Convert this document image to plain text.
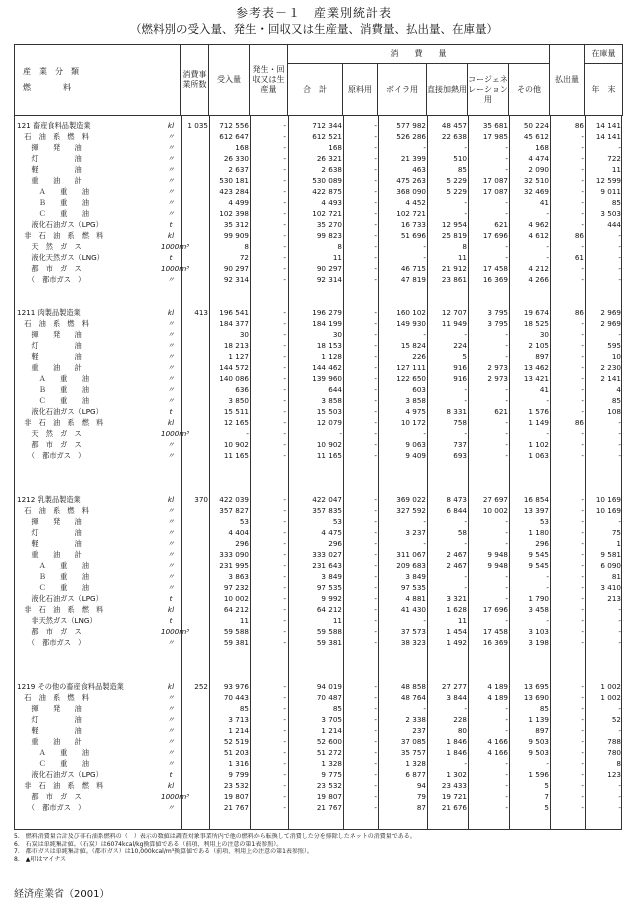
参考表－１　産業別統計表
（燃料別の受入量、発生・回収又は生産量、消費量、払出量、在庫量）
産　業　分　類
燃　　　　料	消費事業所数	受入量	発生・回収又は生産量	消　　費　　量						払出量	在庫量
				合　計	原料用	ボイラ用	直接加熱用	コージェネレーション用	その他		年　末
121 畜産食料品製造業	kl	1 035	712 556	-	712 344	-	577 982	48 457	35 681	50 224	86	14 141
　石　油　系　燃　料	〃	612 647	-	612 521	-	526 286	22 638	17 985	45 612	-	14 141
　　揮　　発　　油	〃	168	-	168	-	-	-	-	168	-	-
　　灯　　　　　油	〃	26 330	-	26 321	-	21 399	510	-	4 474	-	722
　　軽　　　　　油	〃	2 637	-	2 638	-	463	85	-	2 090	-	11
　　重　　油　　計	〃	530 181	-	530 089	-	475 263	5 229	17 087	32 510	-	12 599
　　　Ａ　　重　　油	〃	423 284	-	422 875	-	368 090	5 229	17 087	32 469	-	9 011
　　　Ｂ　　重　　油	〃	4 499	-	4 493	-	4 452	-	-	41	-	85
　　　Ｃ　　重　　油	〃	102 398	-	102 721	-	102 721	-	-	-	-	3 503
　　液化石油ガス（LPG）	t	35 312	-	35 270	-	16 733	12 954	621	4 962	-	444
　非　石　油　系　燃　料	kl	99 909	-	99 823	-	51 696	25 819	17 696	4 612	86	-
　　天　然　ガ　ス	1000m³	8	-	8	-	-	8	-	-	-	-
　　液化天然ガス（LNG）	t	72	-	11	-	-	11	-	-	61	-
　　都　市　ガ　ス	1000m³	90 297	-	90 297	-	46 715	21 912	17 458	4 212	-	-
　　（　都市ガス　）	〃	92 314	-	92 314	-	47 819	23 861	16 369	4 266	-	-
1211 肉製品製造業	kl	413	196 541	-	196 279	-	160 102	12 707	3 795	19 674	86	2 969
　石　油　系　燃　料	〃	184 377	-	184 199	-	149 930	11 949	3 795	18 525	-	2 969
　　揮　　発　　油	〃	30	-	30	-	-	-	-	30	-	-
　　灯　　　　　油	〃	18 213	-	18 153	-	15 824	224	-	2 105	-	595
　　軽　　　　　油	〃	1 127	-	1 128	-	226	5	-	897	-	10
　　重　　油　　計	〃	144 572	-	144 462	-	127 111	916	2 973	13 462	-	2 230
　　　Ａ　　重　　油	〃	140 086	-	139 960	-	122 650	916	2 973	13 421	-	2 141
　　　Ｂ　　重　　油	〃	636	-	644	-	603	-	-	41	-	4
　　　Ｃ　　重　　油	〃	3 850	-	3 858	-	3 858	-	-	-	-	85
　　液化石油ガス（LPG）	t	15 511	-	15 503	-	4 975	8 331	621	1 576	-	108
　非　石　油　系　燃　料	kl	12 165	-	12 079	-	10 172	758	-	1 149	86	-
　　天　然　ガ　ス	1000m³	-	-	-	-	-	-	-	-	-	-
　　都　市　ガ　ス	〃	10 902	-	10 902	-	9 063	737	-	1 102	-	-
　　（　都市ガス　）	〃	11 165	-	11 165	-	9 409	693	-	1 063	-	-
1212 乳製品製造業	kl	370	422 039	-	422 047	-	369 022	8 473	27 697	16 854	-	10 169
　石　油　系　燃　料	〃	357 827	-	357 835	-	327 592	6 844	10 002	13 397	-	10 169
　　揮　　発　　油	〃	53	-	53	-	-	-	-	53	-	-
　　灯　　　　　油	〃	4 404	-	4 475	-	3 237	58	-	1 180	-	75
　　軽　　　　　油	〃	296	-	296	-	-	-	-	296	-	1
　　重　　油　　計	〃	333 090	-	333 027	-	311 067	2 467	9 948	9 545	-	9 581
　　　Ａ　　重　　油	〃	231 995	-	231 643	-	209 683	2 467	9 948	9 545	-	6 090
　　　Ｂ　　重　　油	〃	3 863	-	3 849	-	3 849	-	-	-	-	81
　　　Ｃ　　重　　油	〃	97 232	-	97 535	-	97 535	-	-	-	-	3 410
　　液化石油ガス（LPG）	t	10 002	-	9 992	-	4 881	3 321	-	1 790	-	213
　非　石　油　系　燃　料	kl	64 212	-	64 212	-	41 430	1 628	17 696	3 458	-	-
　　非天然ガス（LNG）	t	11	-	11	-	-	11	-	-	-	-
　　都　市　ガ　ス	1000m³	59 588	-	59 588	-	37 573	1 454	17 458	3 103	-	-
　　（　都市ガス　）	〃	59 381	-	59 381	-	38 323	1 492	16 369	3 198	-	-
1219 その他の畜産食料品製造業	kl	252	93 976	-	94 019	-	48 858	27 277	4 189	13 695	-	1 002
　石　油　系　燃　料	〃	70 443	-	70 487	-	48 764	3 844	4 189	13 690	-	1 002
　　揮　　発　　油	〃	85	-	85	-	-	-	-	85	-	-
　　灯　　　　　油	〃	3 713	-	3 705	-	2 338	228	-	1 139	-	52
　　軽　　　　　油	〃	1 214	-	1 214	-	237	80	-	897	-	-
　　重　　油　　計	〃	52 519	-	52 600	-	37 085	1 846	4 166	9 503	-	788
　　　Ａ　　重　　油	〃	51 203	-	51 272	-	35 757	1 846	4 166	9 503	-	780
　　　Ｃ　　重　　油	〃	1 316	-	1 328	-	1 328	-	-	-	-	8
　　液化石油ガス（LPG）	t	9 799	-	9 775	-	6 877	1 302	-	1 596	-	123
　非　石　油　系　燃　料	kl	23 532	-	23 532	-	94	23 433	-	5	-	-
　　都　市　ガ　ス	1000m³	19 807	-	19 807	-	79	19 721	-	7	-	-
　　（　都市ガス　）	〃	21 767	-	21 767	-	87	21 676	-	5	-	-
5.　燃料消費量合計及び非石油系燃料の（　）表示の数値は調査対象事業所内で他の燃料から転換して消費した分を排除したネットの消費量である。
6.　石炭は単純集計値。（石炭）は6074kcal/kg換算値である（前項、利用上の注意の第1表参照）。
7.　都市ガスは単純集計値。（都市ガス）は10,000kcal/m³換算値である（前項、利用上の注意の第1表参照）。
8.　▲印はマイナス
経済産業省（2001）
